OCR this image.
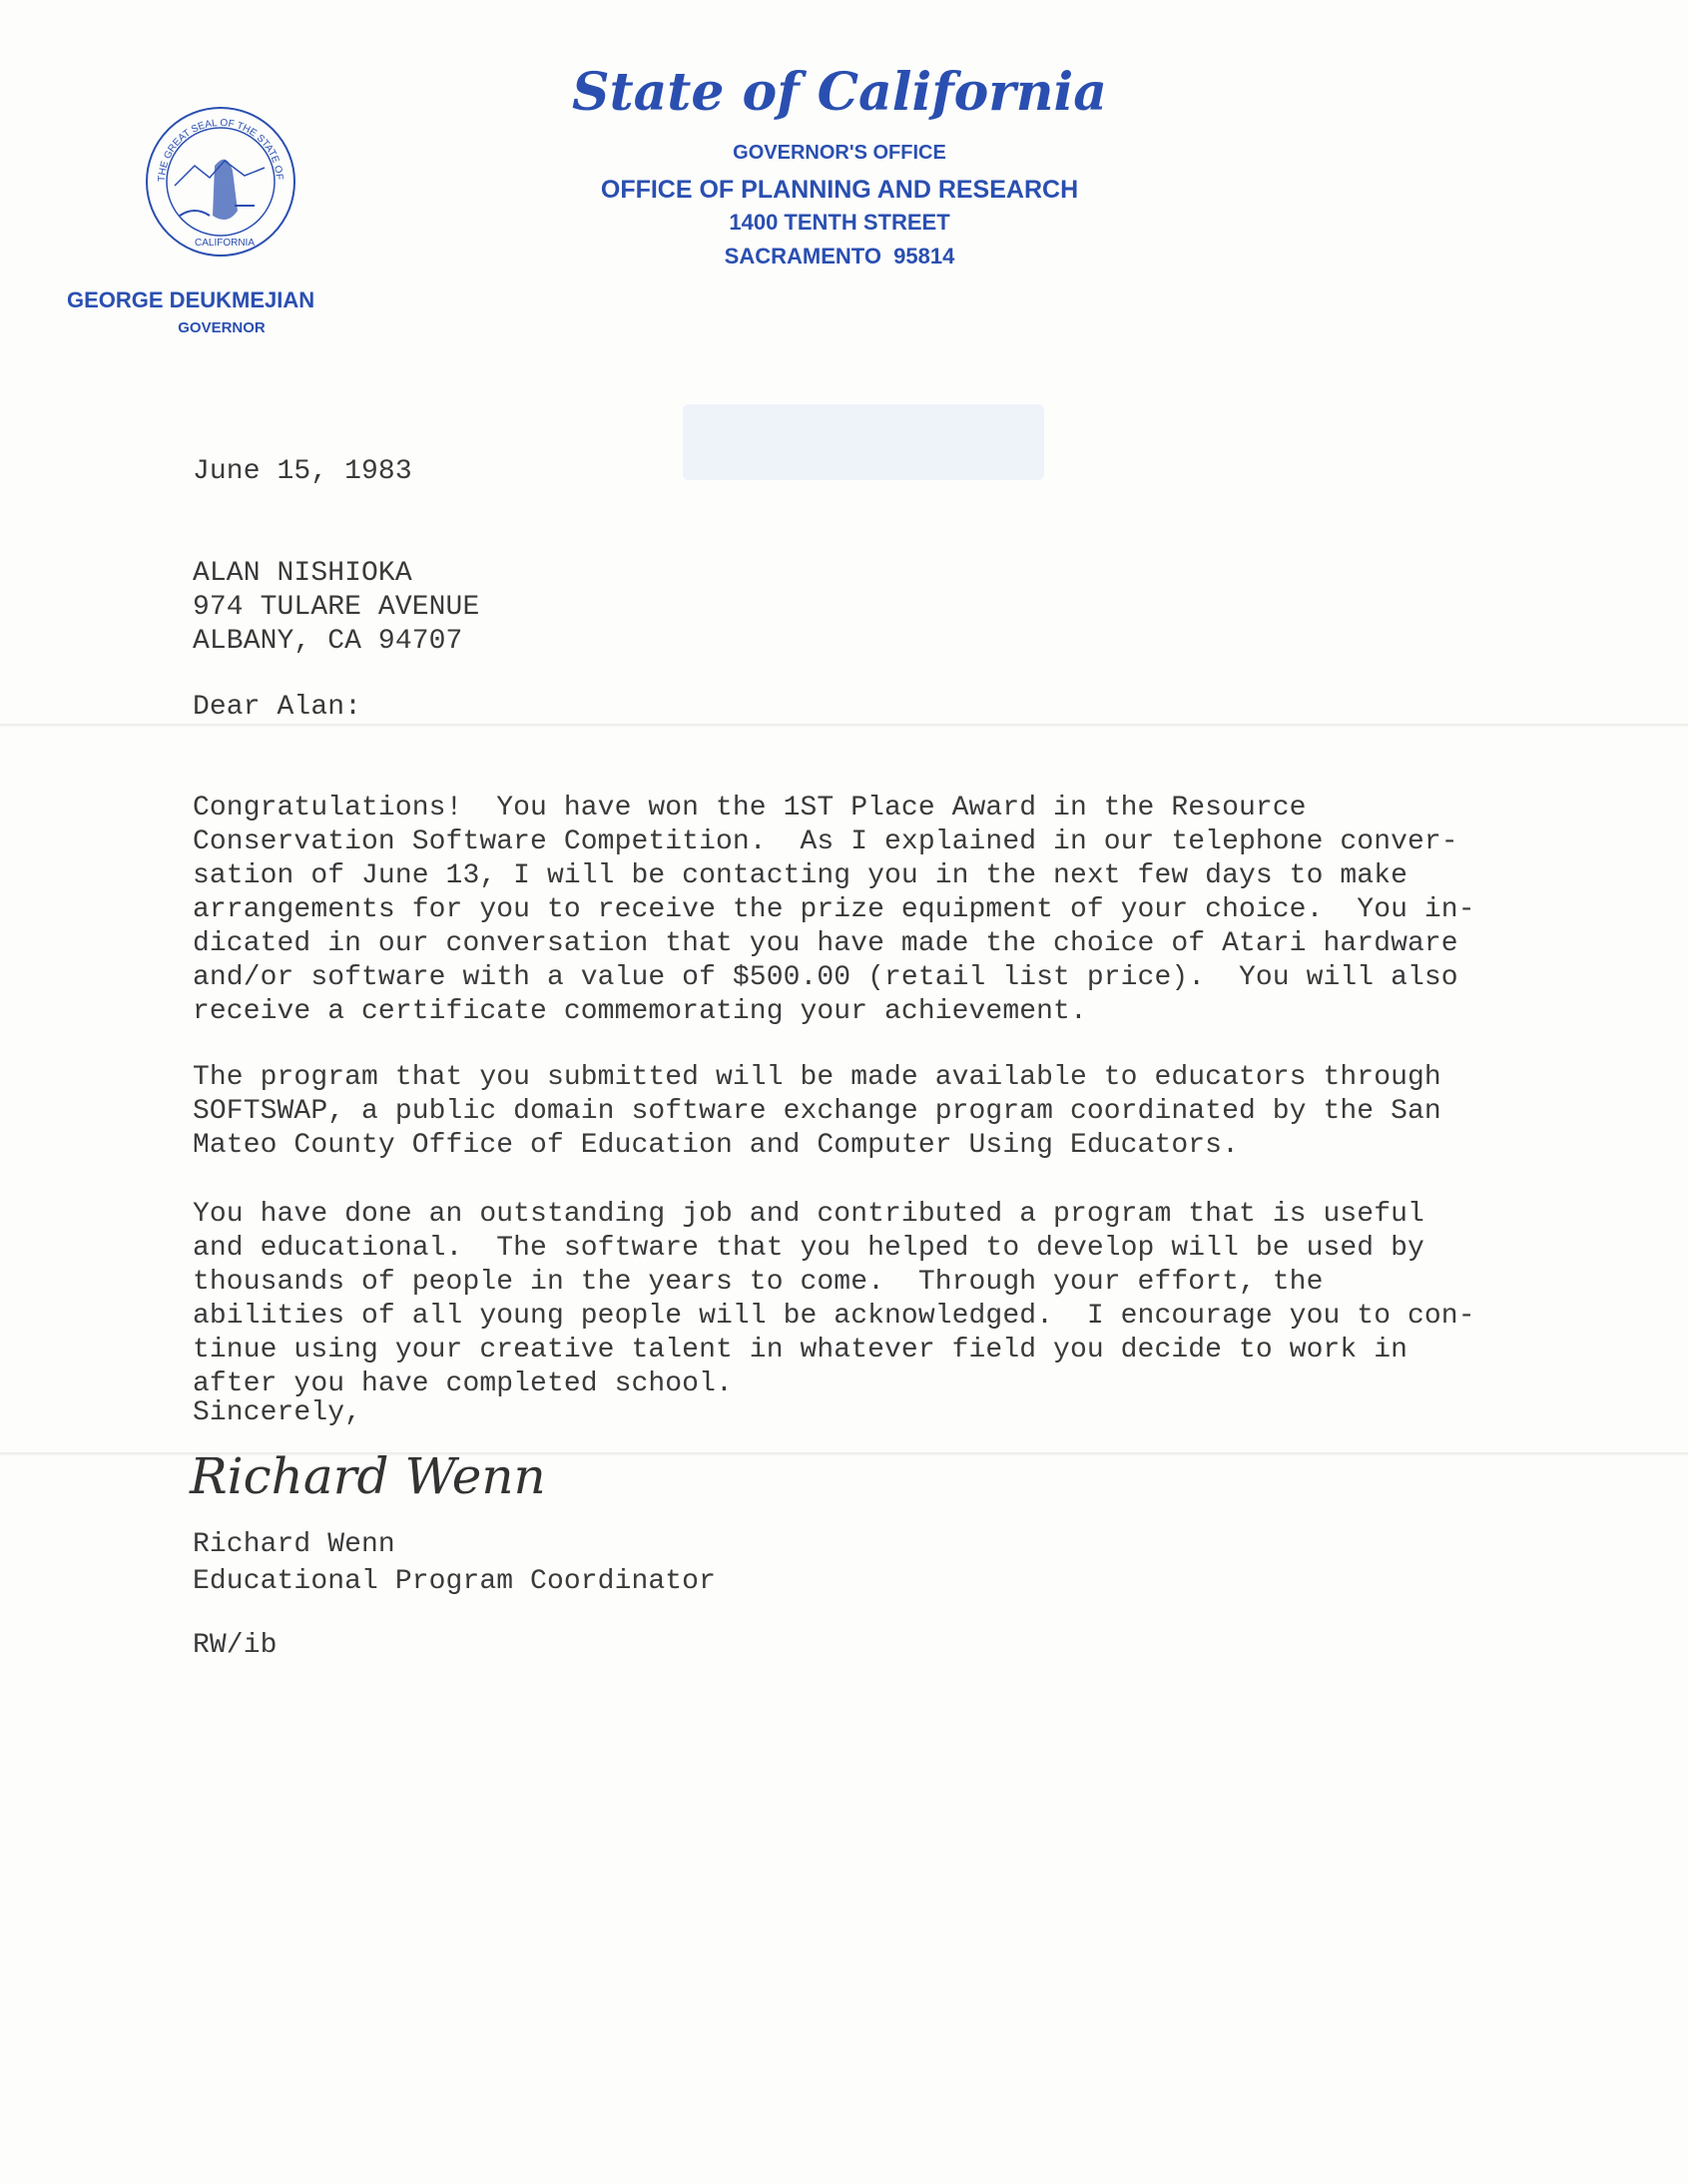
THE GREAT SEAL OF THE STATE OF
CALIFORNIA
State of California
GOVERNOR'S OFFICE
OFFICE OF PLANNING AND RESEARCH
1400 TENTH STREET
SACRAMENTO  95814
GEORGE DEUKMEJIAN
GOVERNOR
June 15, 1983
ALAN NISHIOKA
974 TULARE AVENUE
ALBANY, CA 94707
Dear Alan:

Congratulations!  You have won the 1ST Place Award in the Resource
Conservation Software Competition.  As I explained in our telephone conver-
sation of June 13, I will be contacting you in the next few days to make
arrangements for you to receive the prize equipment of your choice.  You in-
dicated in our conversation that you have made the choice of Atari hardware
and/or software with a value of $500.00 (retail list price).  You will also
receive a certificate commemorating your achievement.

The program that you submitted will be made available to educators through
SOFTSWAP, a public domain software exchange program coordinated by the San
Mateo County Office of Education and Computer Using Educators.

You have done an outstanding job and contributed a program that is useful
and educational.  The software that you helped to develop will be used by
thousands of people in the years to come.  Through your effort, the
abilities of all young people will be acknowledged.  I encourage you to con-
tinue using your creative talent in whatever field you decide to work in
after you have completed school.

Sincerely,
Richard Wenn
Richard Wenn
Educational Program Coordinator
RW/ib
